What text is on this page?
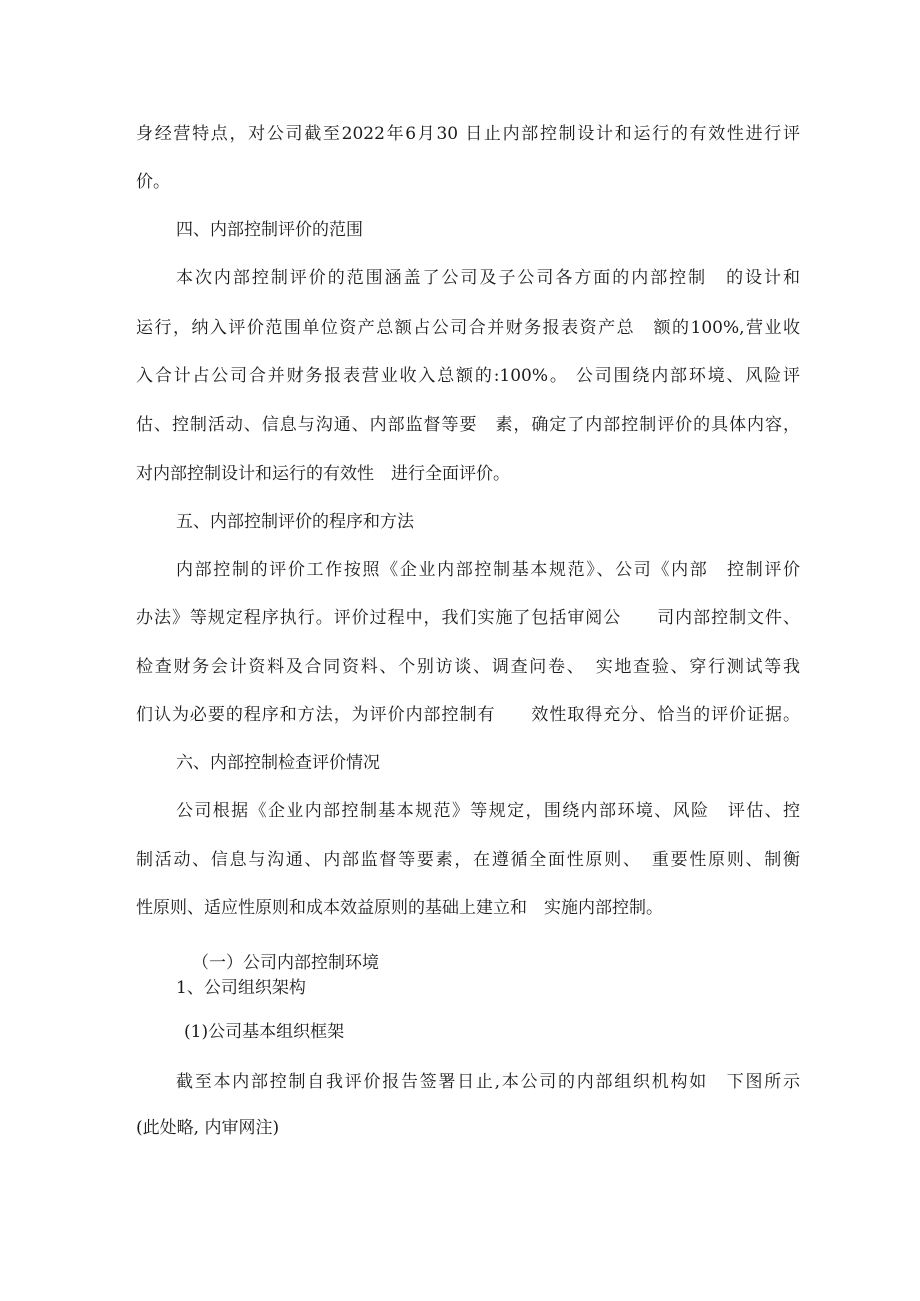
身经营特点，对公司截至2022年6月30 日止内部控制设计和运行的有效性进行评
价。
四、内部控制评价的范围
本次内部控制评价的范围涵盖了公司及子公司各方面的内部控制　的设计和
运行，纳入评价范围单位资产总额占公司合并财务报表资产总　额的100%,营业收
入合计占公司合并财务报表营业收入总额的:100%。 公司围绕内部环境、风险评
估、控制活动、信息与沟通、内部监督等要　素，确定了内部控制评价的具体内容，
对内部控制设计和运行的有效性　进行全面评价。
五、内部控制评价的程序和方法
内部控制的评价工作按照《企业内部控制基本规范》、公司《内部　控制评价
办法》等规定程序执行。评价过程中，我们实施了包括审阅公　　司内部控制文件、
检查财务会计资料及合同资料、个别访谈、调查问卷、　实地查验、穿行测试等我
们认为必要的程序和方法，为评价内部控制有　　效性取得充分、恰当的评价证据。
六、内部控制检查评价情况
公司根据《企业内部控制基本规范》等规定，围绕内部环境、风险　评估、控
制活动、信息与沟通、内部监督等要素，在遵循全面性原则、　重要性原则、制衡
性原则、适应性原则和成本效益原则的基础上建立和　实施内部控制。
（一）公司内部控制环境
1、公司组织架构
(1)公司基本组织框架
截至本内部控制自我评价报告签署日止,本公司的内部组织机构如　下图所示
(此处略, 内审网注)
